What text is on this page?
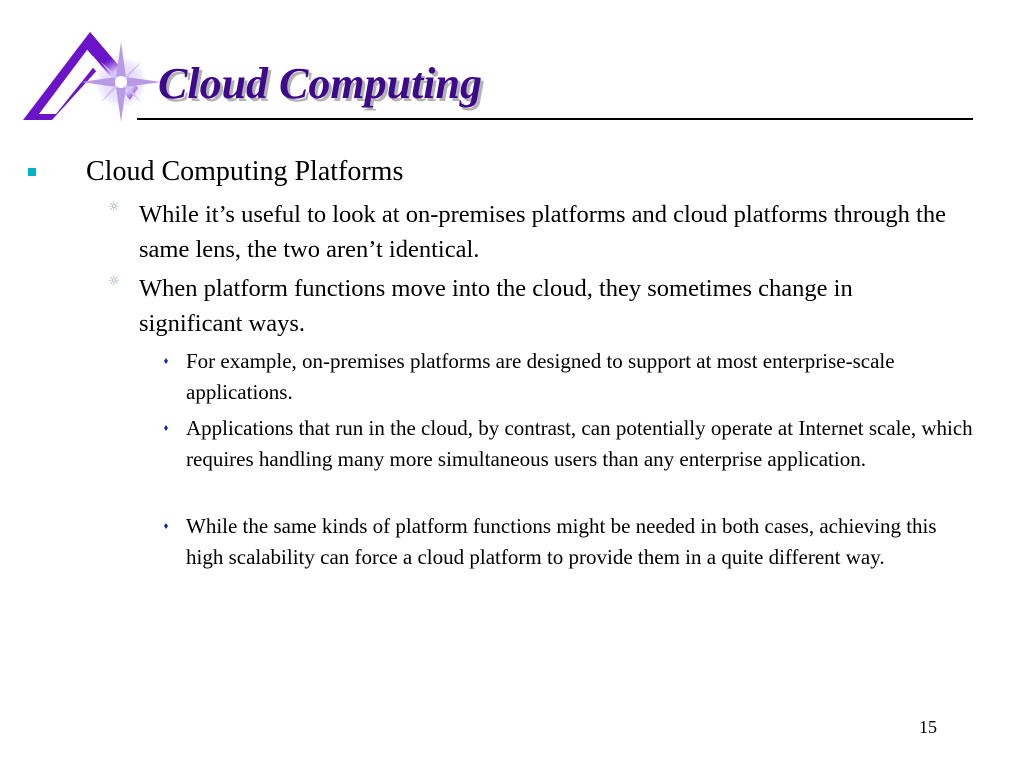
Cloud Computing

Cloud Computing Platforms

☼ While it’s useful to look at on-premises platforms and cloud platforms through the same lens, the two aren’t identical.

☼ When platform functions move into the cloud, they sometimes change in significant ways.

For example, on-premises platforms are designed to support at most enterprise-scale applications.

Applications that run in the cloud, by contrast, can potentially operate at Internet scale, which requires handling many more simultaneous users than any enterprise application.

While the same kinds of platform functions might be needed in both cases, achieving this high scalability can force a cloud platform to provide them in a quite different way.

15
